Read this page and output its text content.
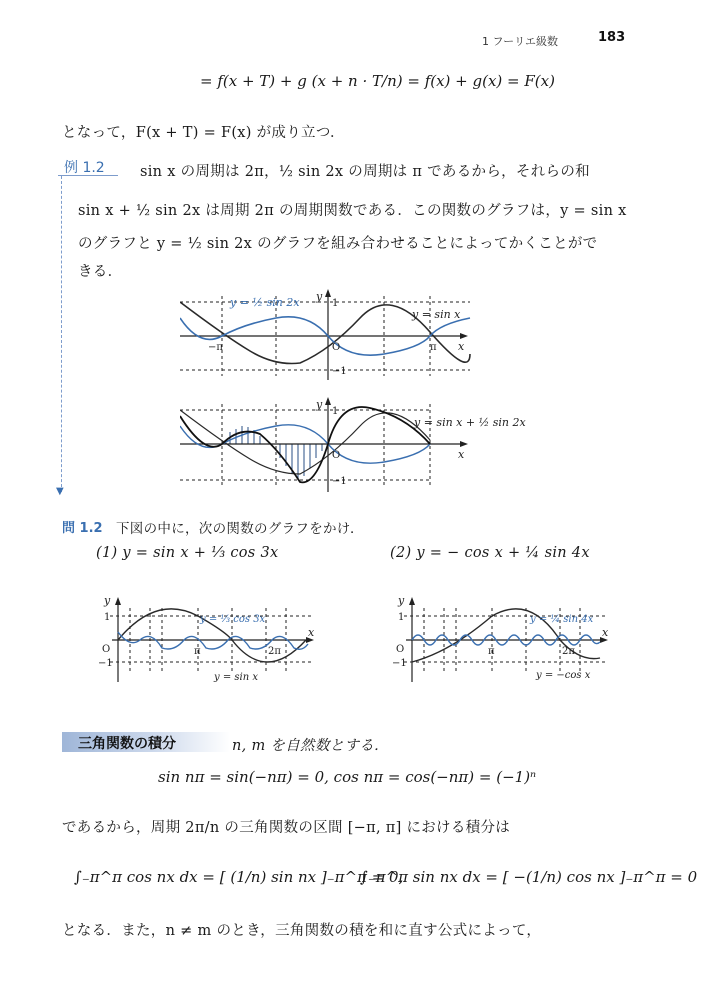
1 フーリエ級数	183
= f(x + T) + g (x + n · T/n) = f(x) + g(x) = F(x)
となって，F(x + T) = F(x) が成り立つ．
例 1.2
▼
sin x の周期は 2π，½ sin 2x の周期は π であるから，それらの和
sin x + ½ sin 2x は周期 2π の周期関数である．この関数のグラフは，y = sin x
のグラフと y = ½ sin 2x のグラフを組み合わせることによってかくことがで
きる．
y = ½ sin 2x
y = sin x
−π	π
O
1
−1
x
y
y = sin x + ½ sin 2x
O
1
−1
x
y
問 1.2 下図の中に，次の関数のグラフをかけ．
(1) y = sin x + ⅓ cos 3x	(2) y = − cos x + ¼ sin 4x
y = ⅓ cos 3x
y = sin x
π	2π
O
1
−1
x
y
y = ¼ sin 4x
y = −cos x
π	2π
O
1
−1
x
y
三角関数の積分	n, m を自然数とする．
sin nπ = sin(−nπ) = 0, cos nπ = cos(−nπ) = (−1)ⁿ
であるから，周期 2π/n の三角関数の区間 [−π, π] における積分は
∫₋π^π cos nx dx = [ (1/n) sin nx ]₋π^π = 0,
∫₋π^π sin nx dx = [ −(1/n) cos nx ]₋π^π = 0
となる．また，n ≠ m のとき，三角関数の積を和に直す公式によって，
